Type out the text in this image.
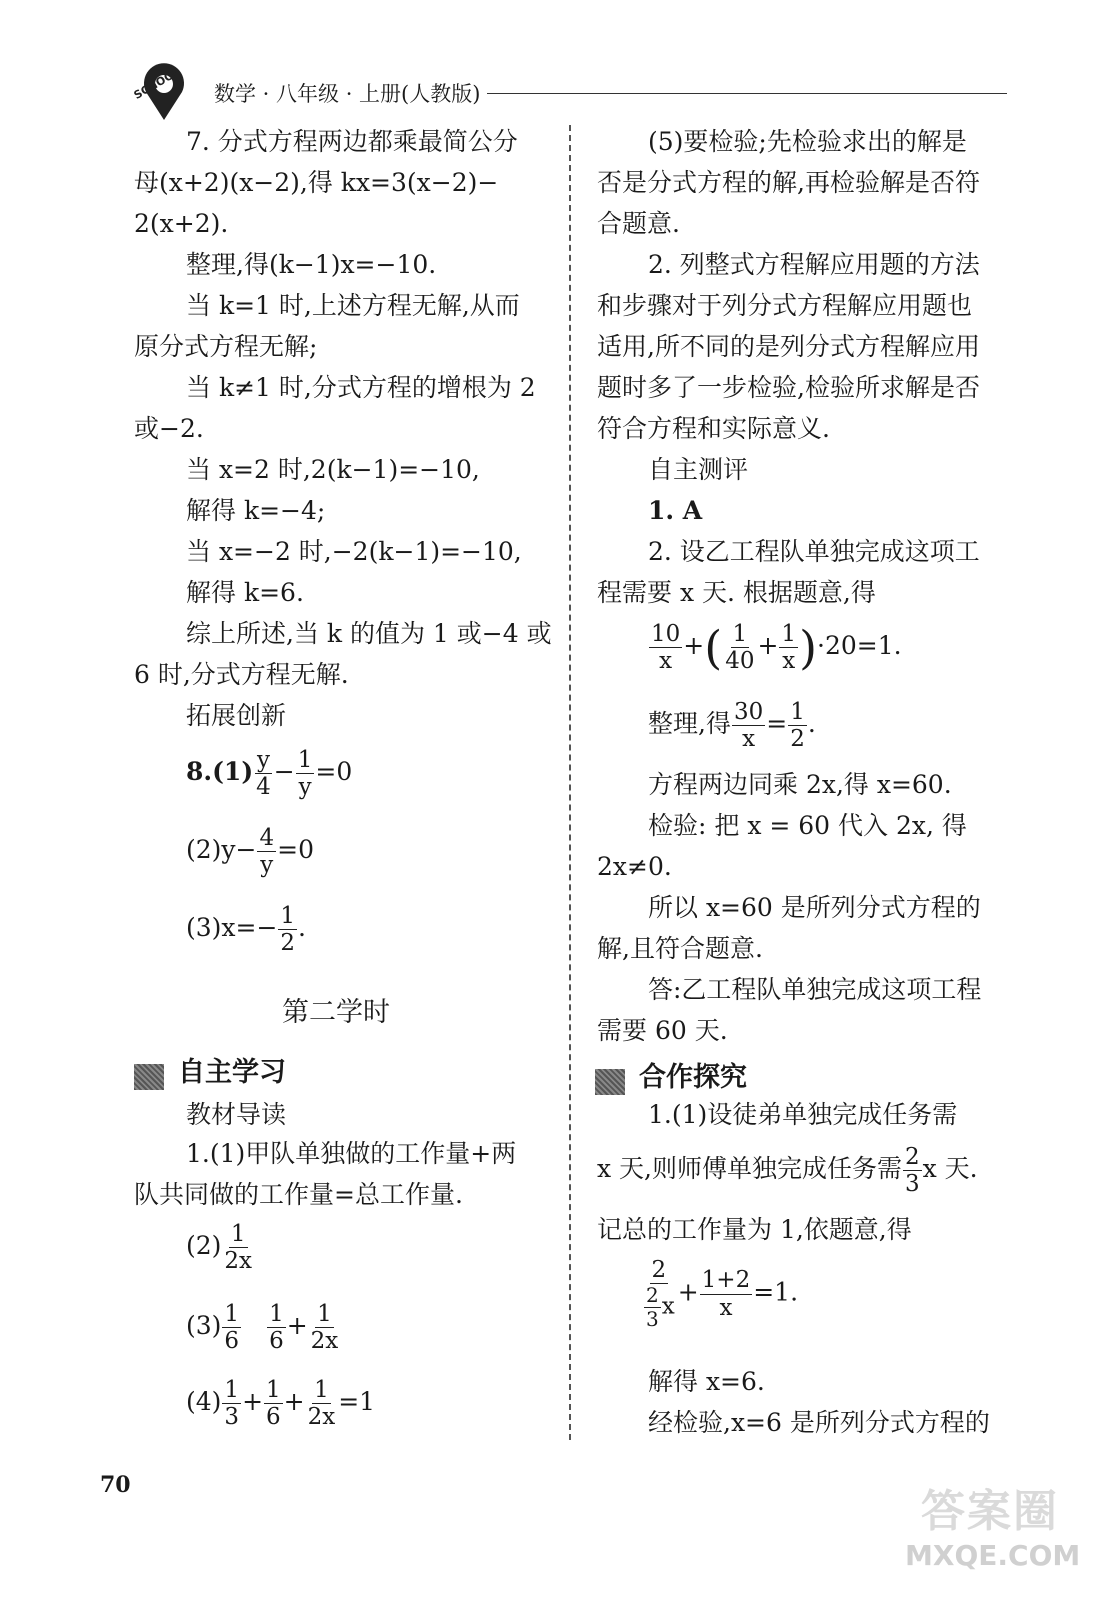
SCHOOL 数学 · 八年级 · 上册(人教版)
7. 分式方程两边都乘最简公分
母(x+2)(x−2),得 kx=3(x−2)−
2(x+2).
整理,得(k−1)x=−10.
当 k=1 时,上述方程无解,从而
原分式方程无解;
当 k≠1 时,分式方程的增根为 2
或−2.
当 x=2 时,2(k−1)=−10,
解得 k=−4;
当 x=−2 时,−2(k−1)=−10,
解得 k=6.
综上所述,当 k 的值为 1 或−4 或
6 时,分式方程无解.
拓展创新
$8.(1) \frac{y}{4} - \frac{1}{y} =0$
$(2)y- \frac{4}{y} =0$
$(3)x=- \frac{1}{2}$ .
第二学时
自主学习
教材导读
1.(1)甲队单独做的工作量+两
队共同做的工作量=总工作量.
$(2) \frac{1}{2x}$
$(3) \frac{1}{6} \frac{1}{6} + \frac{1}{2x}$
$(4) \frac{1}{3} + \frac{1}{6} + \frac{1}{2x} =1$
70
(5)要检验;先检验求出的解是
否是分式方程的解,再检验解是否符
合题意.
2. 列整式方程解应用题的方法
和步骤对于列分式方程解应用题也
适用,所不同的是列分式方程解应用
题时多了一步检验,检验所求解是否
符合方程和实际意义.
自主测评
1. A
2. 设乙工程队单独完成这项工
程需要 x 天. 根据题意,得
$\frac{10}{x}$ +( $\frac{1}{40} + \frac{1}{x} )\cdot 20=1$.
整理,得 $\frac{30}{x} = \frac{1}{2}$ .
方程两边同乘 2x,得 x=60.
检验: 把 x = 60 代入 2x, 得
2x≠0.
所以 x=60 是所列分式方程的
解,且符合题意.
答:乙工程队单独完成这项工程
需要 60 天.
合作探究
1.(1)设徒弟单独完成任务需
x 天,则师傅单独完成任务需 $\frac{2}{3}$ x 天.
记总的工作量为 1,依题意,得
$\frac{2}{\frac{2}{3} x} + \frac{1+2}{x} =1$.
解得 x=6.
经检验,x=6 是所列分式方程的
答案圈
MXQE.COM
